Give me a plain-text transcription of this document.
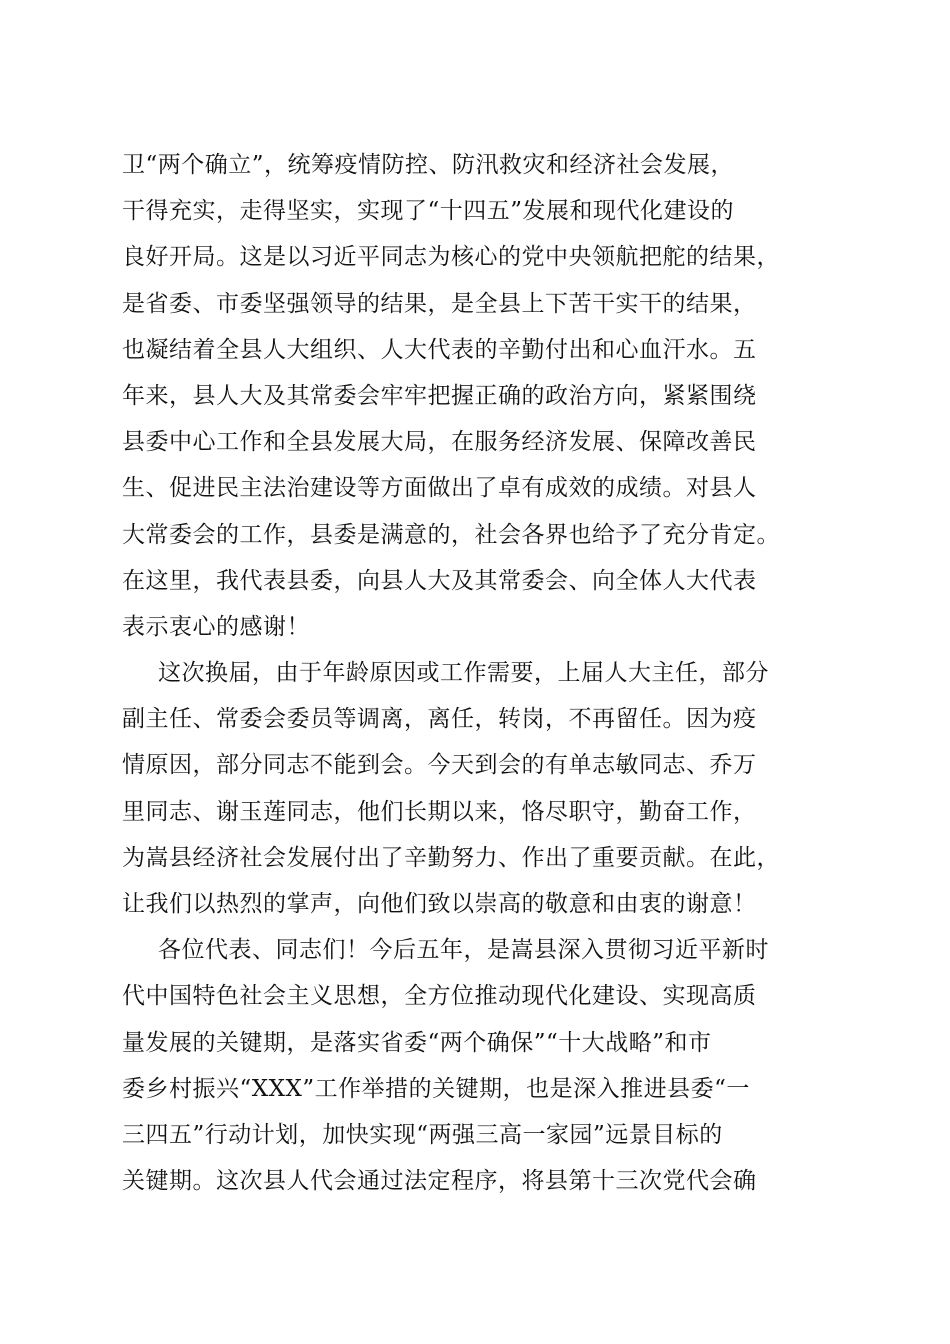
卫“两个确立”，统筹疫情防控、防汛救灾和经济社会发展，
干得充实，走得坚实，实现了“十四五”发展和现代化建设的
良好开局。这是以习近平同志为核心的党中央领航把舵的结果，
是省委、市委坚强领导的结果，是全县上下苦干实干的结果，
也凝结着全县人大组织、人大代表的辛勤付出和心血汗水。五
年来，县人大及其常委会牢牢把握正确的政治方向，紧紧围绕
县委中心工作和全县发展大局，在服务经济发展、保障改善民
生、促进民主法治建设等方面做出了卓有成效的成绩。对县人
大常委会的工作，县委是满意的，社会各界也给予了充分肯定。
在这里，我代表县委，向县人大及其常委会、向全体人大代表
表示衷心的感谢！
这次换届，由于年龄原因或工作需要，上届人大主任，部分
副主任、常委会委员等调离，离任，转岗，不再留任。因为疫
情原因，部分同志不能到会。今天到会的有单志敏同志、乔万
里同志、谢玉莲同志，他们长期以来，恪尽职守，勤奋工作，
为嵩县经济社会发展付出了辛勤努力、作出了重要贡献。在此，
让我们以热烈的掌声，向他们致以崇高的敬意和由衷的谢意！
各位代表、同志们！今后五年，是嵩县深入贯彻习近平新时
代中国特色社会主义思想，全方位推动现代化建设、实现高质
量发展的关键期，是落实省委“两个确保”“十大战略”和市
委乡村振兴“XXX”工作举措的关键期，也是深入推进县委“一
三四五”行动计划，加快实现“两强三高一家园”远景目标的
关键期。这次县人代会通过法定程序，将县第十三次党代会确
